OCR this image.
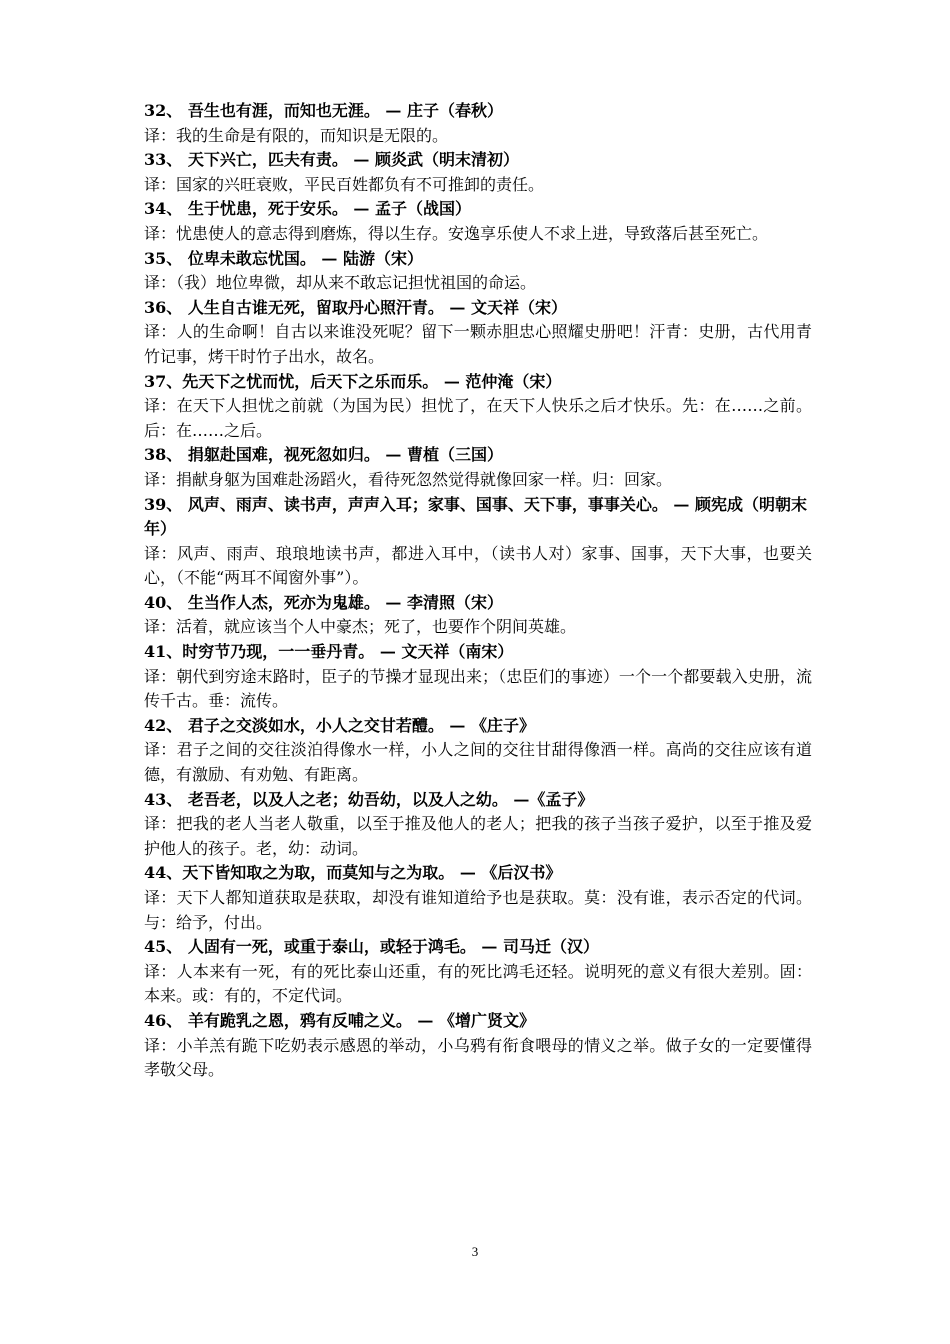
32、 吾生也有涯，而知也无涯。 — 庄子（春秋）
译：我的生命是有限的，而知识是无限的。
33、 天下兴亡，匹夫有责。 — 顾炎武（明末清初）
译：国家的兴旺衰败，平民百姓都负有不可推卸的责任。
34、 生于忧患，死于安乐。 — 孟子（战国）
译：忧患使人的意志得到磨炼，得以生存。安逸享乐使人不求上进，导致落后甚至死亡。
35、 位卑未敢忘忧国。 — 陆游（宋）
译：（我）地位卑微，却从来不敢忘记担忧祖国的命运。
36、 人生自古谁无死，留取丹心照汗青。 — 文天祥（宋）
译：人的生命啊！自古以来谁没死呢？留下一颗赤胆忠心照耀史册吧！汗青：史册，古代用青竹记事，烤干时竹子出水，故名。
37、先天下之忧而忧，后天下之乐而乐。 — 范仲淹（宋）
译：在天下人担忧之前就（为国为民）担忧了，在天下人快乐之后才快乐。先：在……之前。后：在……之后。
38、 捐躯赴国难，视死忽如归。 — 曹植（三国）
译：捐献身躯为国难赴汤蹈火，看待死忽然觉得就像回家一样。归：回家。
39、 风声、雨声、读书声，声声入耳；家事、国事、天下事，事事关心。 — 顾宪成（明朝末年）
译：风声、雨声、琅琅地读书声，都进入耳中，（读书人对）家事、国事，天下大事，也要关心，（不能“两耳不闻窗外事”）。
40、 生当作人杰，死亦为鬼雄。 — 李清照（宋）
译：活着，就应该当个人中豪杰；死了，也要作个阴间英雄。
41、时穷节乃现，一一垂丹青。 — 文天祥（南宋）
译：朝代到穷途末路时，臣子的节操才显现出来；（忠臣们的事迹）一个一个都要载入史册，流传千古。垂：流传。
42、 君子之交淡如水，小人之交甘若醴。 — 《庄子》
译：君子之间的交往淡泊得像水一样，小人之间的交往甘甜得像酒一样。高尚的交往应该有道德，有激励、有劝勉、有距离。
43、 老吾老，以及人之老；幼吾幼，以及人之幼。 —《孟子》
译：把我的老人当老人敬重，以至于推及他人的老人；把我的孩子当孩子爱护，以至于推及爱护他人的孩子。老，幼：动词。
44、天下皆知取之为取，而莫知与之为取。 — 《后汉书》
译：天下人都知道获取是获取，却没有谁知道给予也是获取。莫：没有谁，表示否定的代词。与：给予，付出。
45、 人固有一死，或重于泰山，或轻于鸿毛。 — 司马迁（汉）
译：人本来有一死，有的死比泰山还重，有的死比鸿毛还轻。说明死的意义有很大差别。固：本来。或：有的，不定代词。
46、 羊有跪乳之恩，鸦有反哺之义。 — 《增广贤文》
译：小羊羔有跪下吃奶表示感恩的举动，小乌鸦有衔食喂母的情义之举。做子女的一定要懂得孝敬父母。
3
